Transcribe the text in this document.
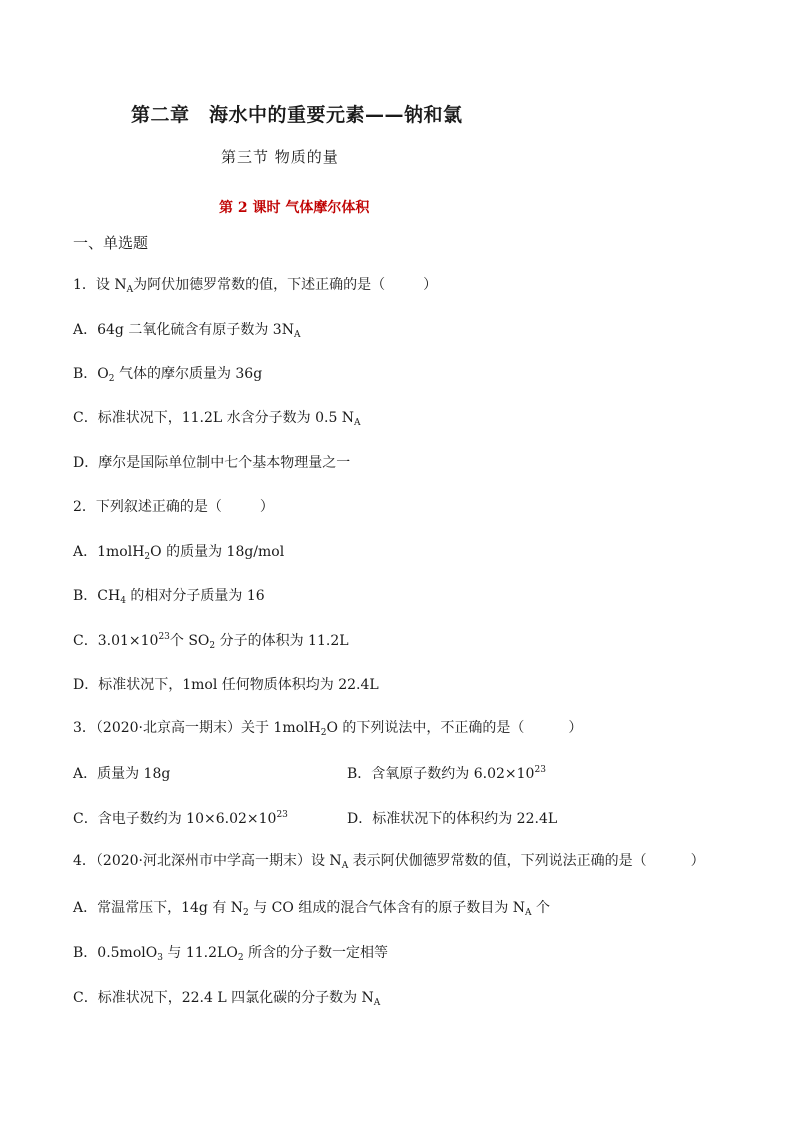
第二章　海水中的重要元素——钠和氯
第三节 物质的量
第 2 课时 气体摩尔体积
一、单选题
1．设 $N_A$为阿伏加德罗常数的值，下述正确的是（	）
A．64g 二氧化硫含有原子数为 $3N_A$
B．$O_2$ 气体的摩尔质量为 36g
C．标准状况下，11.2L 水含分子数为 0.5 $N_A$
D．摩尔是国际单位制中七个基本物理量之一
2．下列叙述正确的是（	）
A．1molH$_2$O 的质量为 18g/mol
B．$CH_4$ 的相对分子质量为 16
C．$3.01\times 10^{23}$个 $SO_2$ 分子的体积为 11.2L
D．标准状况下，1mol 任何物质体积均为 22.4L
3．（2020·北京高一期末）关于 1molH$_2$O 的下列说法中，不正确的是（	）
A．质量为 18g	B．含氧原子数约为 $6.02\times 10^{23}$
C．含电子数约为 $10\times 6.02\times 10^{23}$	D．标准状况下的体积约为 22.4L
4．（2020·河北深州市中学高一期末）设 $N_A$ 表示阿伏伽德罗常数的值，下列说法正确的是（	）
A．常温常压下，14g 有 $N_2$ 与 CO 组成的混合气体含有的原子数目为 $N_A$ 个
B．0.5molO$_3$ 与 $11.2LO_2$ 所含的分子数一定相等
C．标准状况下，22.4 L 四氯化碳的分子数为 $N_A$
